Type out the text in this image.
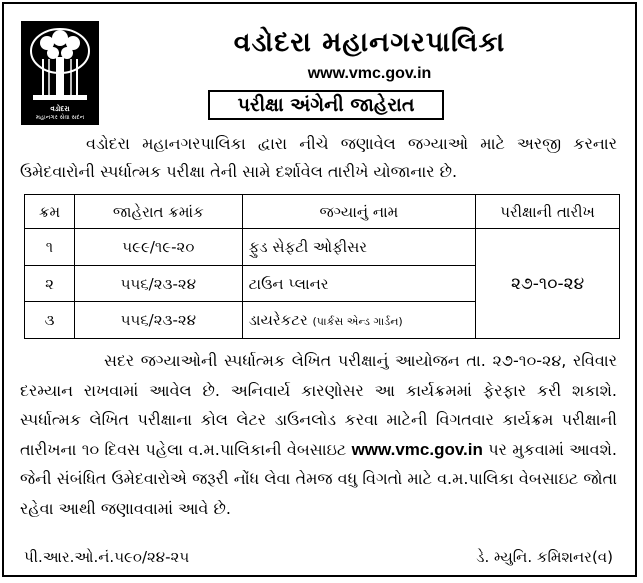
વડોદરા
મહાનગર સેવા સદન
વડોદરા મહાનગરપાલિકા
www.vmc.gov.in
પરીક્ષા અંગેની જાહેરાત
વડોદરા મહાનગરપાલિકા દ્વારા નીચે જણાવેલ જગ્યાઓ માટે અરજી કરનાર ઉમેદવારોની સ્પર્ધાત્મક પરીક્ષા તેની સામે દર્શાવેલ તારીખે યોજાનાર છે.
ક્રમ	જાહેરાત ક્રમાંક	જગ્યાનું નામ	પરીક્ષાની તારીખ
૧	૫૯૯/૧૯-૨૦	ફુડ સેફટી ઓફીસર	૨૭-૧૦-૨૪
૨	૫૫૬/૨૩-૨૪	ટાઉન પ્લાનર	
૩	૫૫૬/૨૩-૨૪	ડાયરેકટર (પાર્કસ એન્ડ ગાર્ડન)	
સદર જગ્યાઓની સ્પર્ધાત્મક લેખિત પરીક્ષાનું આયોજન તા. ૨૭-૧૦-૨૪, રવિવાર દરમ્યાન રાખવામાં આવેલ છે. અનિવાર્ય કારણોસર આ કાર્યક્રમમાં ફેરફાર કરી શકાશે. સ્પર્ધાત્મક લેખિત પરીક્ષાના કોલ લેટર ડાઉનલોડ કરવા માટેની વિગતવાર કાર્યક્રમ પરીક્ષાની તારીખના ૧૦ દિવસ પહેલા વ.મ.પાલિકાની વેબસાઇટ www.vmc.gov.in પર મુકવામાં આવશે. જેની સંબંધિત ઉમેદવારોએ જરૂરી નોંધ લેવા તેમજ વધુ વિગતો માટે વ.મ.પાલિકા વેબસાઇટ જોતા રહેવા આથી જણાવવામાં આવે છે.
પી.આર.ઓ.નં.૫૯૦/૨૪-૨૫	ડે. મ્યુનિ. કમિશનર(વ)
